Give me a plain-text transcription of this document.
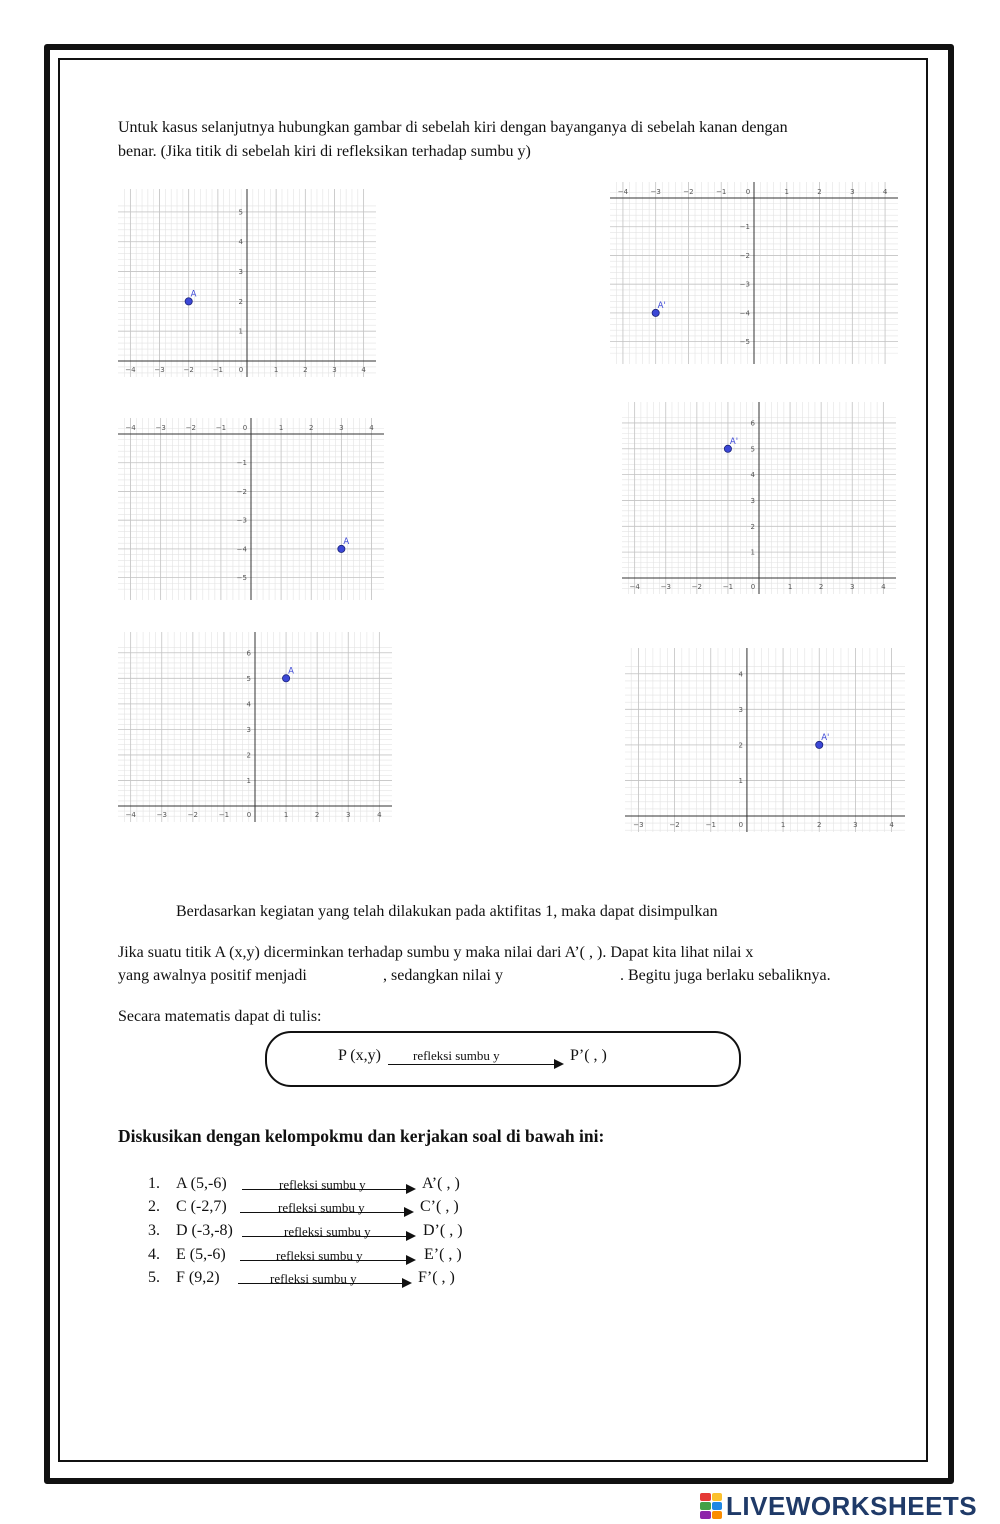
Untuk kasus selanjutnya hubungkan gambar di sebelah kiri dengan bayanganya di sebelah kanan dengan
benar. (Jika titik di sebelah kiri di refleksikan terhadap sumbu y)
−4	−3	−2	−1 0	1	2	3	4
1
2
3
4
5
A
−4	−3	−2	−1	0	1	2	3	4
−1
−2
−3
−4
−5
A'
−4	−3	−2	−1 0	1	2	3	4
−1
−2
−3
−4
−5
A
−4	−3	−2	−1	0	1	2	3	4
1
2
3
4
5
6
A'
−4	−3	−2	−1	0	1	2	3	4
1
2
3
4
5
6
A
−3	−2	−1	0	1	2	3	4
1
2
3
4
A'
Berdasarkan kegiatan yang telah dilakukan pada aktifitas 1, maka dapat disimpulkan
Jika suatu titik A (x,y) dicerminkan terhadap sumbu y maka nilai dari A’( , ). Dapat kita lihat nilai x
yang awalnya positif menjadi	, sedangkan nilai y	. Begitu juga berlaku sebaliknya.
Secara matematis dapat di tulis:
P (x,y) refleksi sumbu y	P’( , )
Diskusikan dengan kelompokmu dan kerjakan soal di bawah ini:
1. A (5,-6)	refleksi sumbu y	A’( , )
2. C (-2,7)	refleksi sumbu y	C’( , )
3. D (-3,-8)	refleksi sumbu y	D’( , )
4. E (5,-6)	refleksi sumbu y	E’( , )
5. F (9,2)	refleksi sumbu y	F’( , )
LIVEWORKSHEETS
